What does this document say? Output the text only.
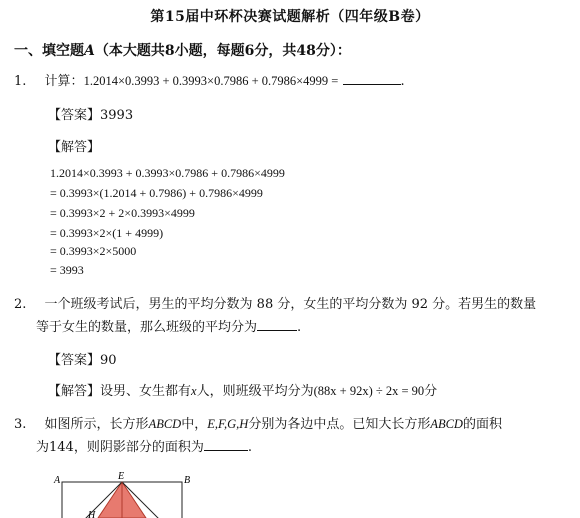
第15届中环杯决赛试题解析（四年级B卷）
一、填空题A（本大题共8小题，每题6分，共48分）：
1. 计算：1.2014×0.3993 + 0.3993×0.7986 + 0.7986×4999 =	.
【答案】3993
【解答】
1.2014×0.3993 + 0.3993×0.7986 + 0.7986×4999
= 0.3993×(1.2014 + 0.7986) + 0.7986×4999
= 0.3993×2 + 2×0.3993×4999
= 0.3993×2×(1 + 4999)
= 0.3993×2×5000
= 3993
2. 一个班级考试后，男生的平均分数为 88 分，女生的平均分数为 92 分。若男生的数量
等于女生的数量，那么班级的平均分为	.
【答案】90
【解答】设男、女生都有x人，则班级平均分为(88x + 92x) ÷ 2x = 90分
3. 如图所示，长方形ABCD中，E,F,G,H分别为各边中点。已知大长方形ABCD的面积
为144，则阴影部分的面积为	.
A	E	B
H
